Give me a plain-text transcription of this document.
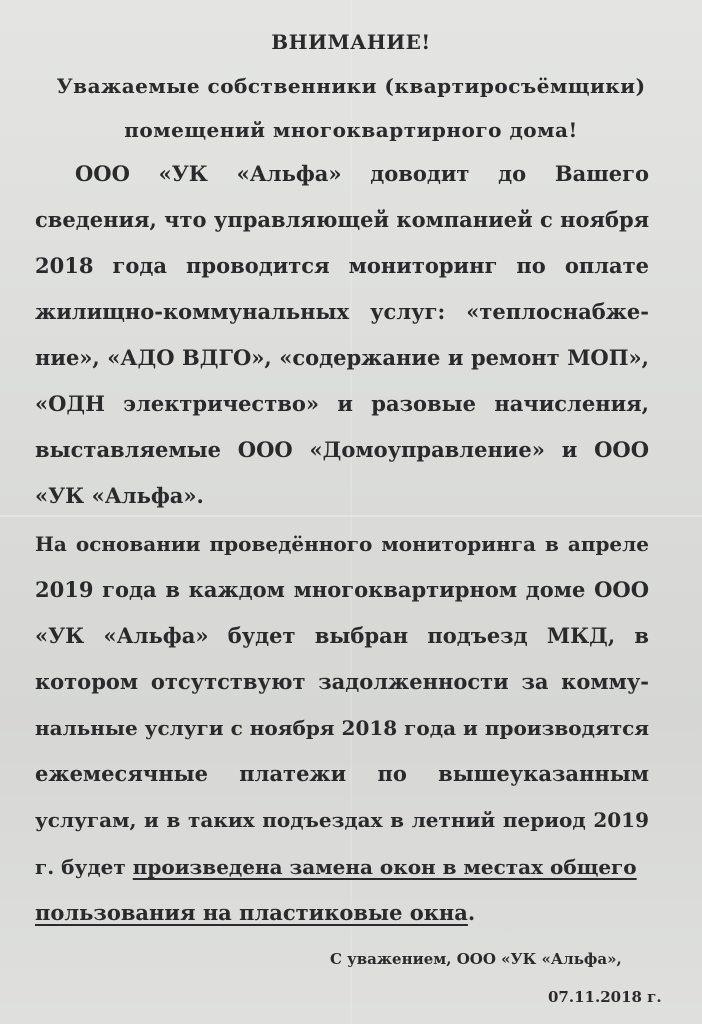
ВНИМАНИЕ!
Уважаемые собственники (квартиросъёмщики)
помещений многоквартирного дома!
ООО «УК «Альфа» доводит до Вашего
сведения, что управляющей компанией с ноября
2018 года проводится мониторинг по оплате
жилищно-коммунальных услуг: «теплоснабже-
ние», «АДО ВДГО», «содержание и ремонт МОП»,
«ОДН электричество» и разовые начисления,
выставляемые ООО «Домоуправление» и ООО
«УК «Альфа».
На основании проведённого мониторинга в апреле
2019 года в каждом многоквартирном доме ООО
«УК «Альфа» будет выбран подъезд МКД, в
котором отсутствуют задолженности за комму-
нальные услуги с ноября 2018 года и производятся
ежемесячные платежи по вышеуказанным
услугам, и в таких подъездах в летний период 2019
г. будет произведена замена окон в местах общего
пользования на пластиковые окна.
С уважением, ООО «УК «Альфа»,
07.11.2018 г.
